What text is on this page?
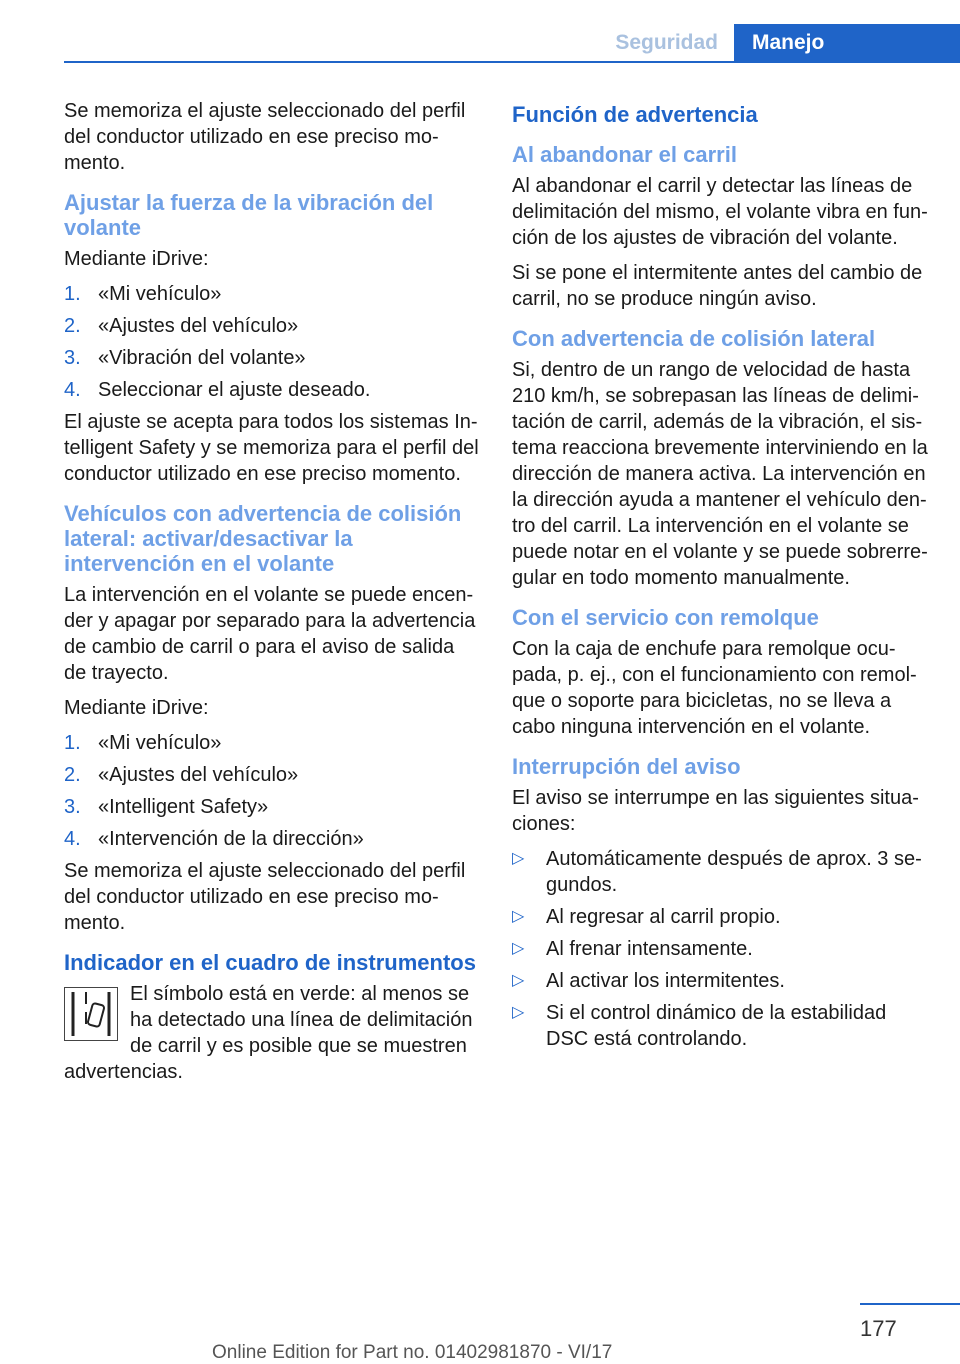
Seguridad	Manejo

Se memoriza el ajuste seleccionado del perfil del conductor utilizado en ese preciso mo‐ mento.

Ajustar la fuerza de la vibración del volante

Mediante iDrive:

1. «Mi vehículo»
2. «Ajustes del vehículo»
3. «Vibración del volante»
4. Seleccionar el ajuste deseado.

El ajuste se acepta para todos los sistemas In‐ telligent Safety y se memoriza para el perfil del conductor utilizado en ese preciso momento.

Vehículos con advertencia de colisión lateral: activar/desactivar la intervención en el volante

La intervención en el volante se puede encen‐ der y apagar por separado para la advertencia de cambio de carril o para el aviso de salida de trayecto.

Mediante iDrive:

1. «Mi vehículo»
2. «Ajustes del vehículo»
3. «Intelligent Safety»
4. «Intervención de la dirección»

Se memoriza el ajuste seleccionado del perfil del conductor utilizado en ese preciso mo‐ mento.

Indicador en el cuadro de instrumentos

El símbolo está en verde: al menos se ha detectado una línea de delimitación de carril y es posible que se muestren advertencias.

Función de advertencia
Al abandonar el carril

Al abandonar el carril y detectar las líneas de delimitación del mismo, el volante vibra en fun‐ ción de los ajustes de vibración del volante.

Si se pone el intermitente antes del cambio de carril, no se produce ningún aviso.

Con advertencia de colisión lateral

Si, dentro de un rango de velocidad de hasta 210 km/h, se sobrepasan las líneas de delimi‐ tación de carril, además de la vibración, el sis‐ tema reacciona brevemente interviniendo en la dirección de manera activa. La intervención en la dirección ayuda a mantener el vehículo den‐ tro del carril. La intervención en el volante se puede notar en el volante y se puede sobrerre‐ gular en todo momento manualmente.

Con el servicio con remolque

Con la caja de enchufe para remolque ocu‐ pada, p. ej., con el funcionamiento con remol‐ que o soporte para bicicletas, no se lleva a cabo ninguna intervención en el volante.

Interrupción del aviso

El aviso se interrumpe en las siguientes situa‐ ciones:

▷	Automáticamente después de aprox. 3 se‐ gundos.
▷	Al regresar al carril propio.
▷	Al frenar intensamente.
▷	Al activar los intermitentes.
▷	Si el control dinámico de la estabilidad DSC está controlando.
177
Online Edition for Part no. 01402981870 - VI/17
